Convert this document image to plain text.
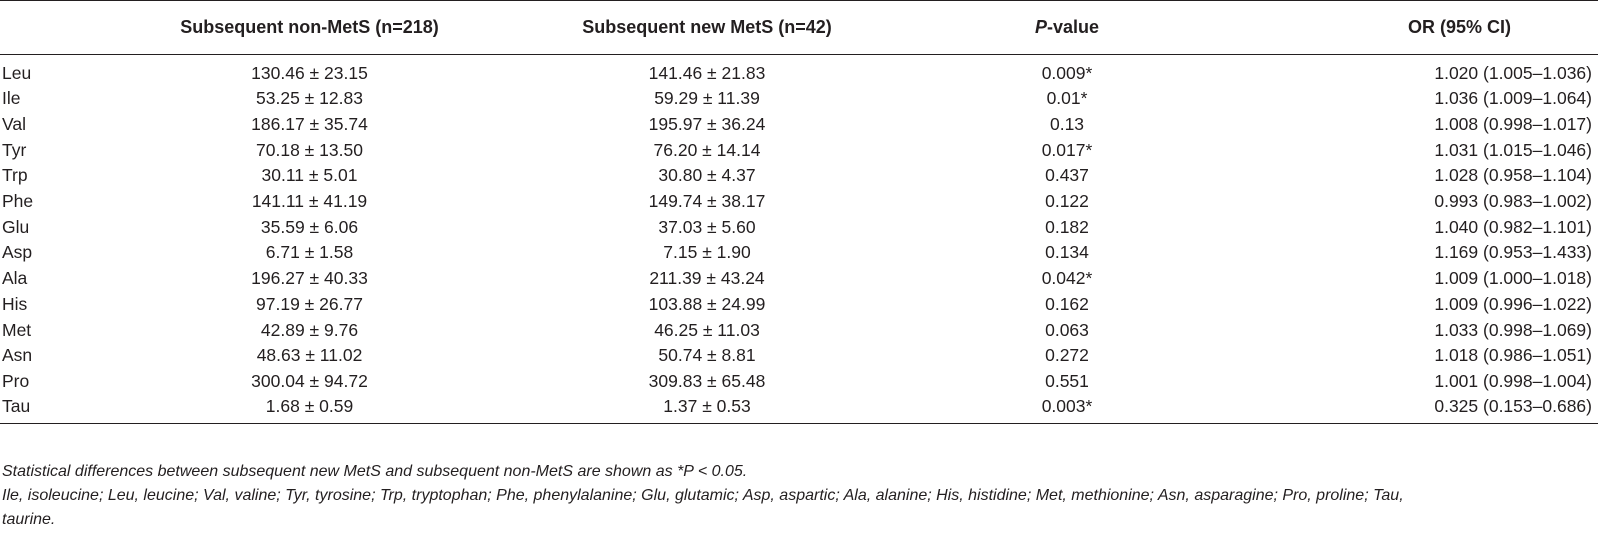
	Subsequent non-MetS (n=218)	Subsequent new MetS (n=42)	P-value	OR (95% CI)
Leu	130.46 ± 23.15	141.46 ± 21.83	0.009*	1.020 (1.005–1.036)
Ile	53.25 ± 12.83	59.29 ± 11.39	0.01*	1.036 (1.009–1.064)
Val	186.17 ± 35.74	195.97 ± 36.24	0.13	1.008 (0.998–1.017)
Tyr	70.18 ± 13.50	76.20 ± 14.14	0.017*	1.031 (1.015–1.046)
Trp	30.11 ± 5.01	30.80 ± 4.37	0.437	1.028 (0.958–1.104)
Phe	141.11 ± 41.19	149.74 ± 38.17	0.122	0.993 (0.983–1.002)
Glu	35.59 ± 6.06	37.03 ± 5.60	0.182	1.040 (0.982–1.101)
Asp	6.71 ± 1.58	7.15 ± 1.90	0.134	1.169 (0.953–1.433)
Ala	196.27 ± 40.33	211.39 ± 43.24	0.042*	1.009 (1.000–1.018)
His	97.19 ± 26.77	103.88 ± 24.99	0.162	1.009 (0.996–1.022)
Met	42.89 ± 9.76	46.25 ± 11.03	0.063	1.033 (0.998–1.069)
Asn	48.63 ± 11.02	50.74 ± 8.81	0.272	1.018 (0.986–1.051)
Pro	300.04 ± 94.72	309.83 ± 65.48	0.551	1.001 (0.998–1.004)
Tau	1.68 ± 0.59	1.37 ± 0.53	0.003*	0.325 (0.153–0.686)

Statistical differences between subsequent new MetS and subsequent non-MetS are shown as *P < 0.05.

Ile, isoleucine; Leu, leucine; Val, valine; Tyr, tyrosine; Trp, tryptophan; Phe, phenylalanine; Glu, glutamic; Asp, aspartic; Ala, alanine; His, histidine; Met, methionine; Asn, asparagine; Pro, proline; Tau, taurine.
